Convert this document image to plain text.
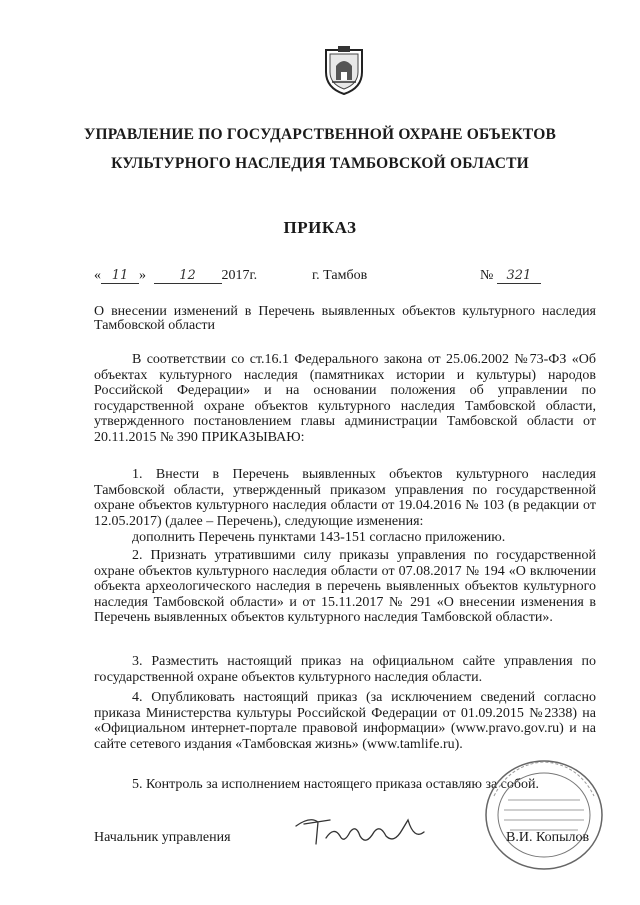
УПРАВЛЕНИЕ ПО ГОСУДАРСТВЕННОЙ ОХРАНЕ ОБЪЕКТОВ
КУЛЬТУРНОГО НАСЛЕДИЯ ТАМБОВСКОЙ ОБЛАСТИ
ПРИКАЗ
« 11 »	12 2017г.	г. Тамбов	№ 321
О внесении изменений в Перечень выявленных объектов культурного наследия Тамбовской области
В соответствии со ст.16.1 Федерального закона от 25.06.2002 №73-ФЗ «Об объектах культурного наследия (памятниках истории и культуры) народов Российской Федерации» и на основании положения об управлении по государственной охране объектов культурного наследия Тамбовской области, утвержденного постановлением главы администрации Тамбовской области от 20.11.2015 № 390 ПРИКАЗЫВАЮ:
1. Внести в Перечень выявленных объектов культурного наследия Тамбовской области, утвержденный приказом управления по государственной охране объектов культурного наследия области от 19.04.2016 № 103 (в редакции от 12.05.2017) (далее – Перечень), следующие изменения:
дополнить Перечень пунктами 143-151 согласно приложению.
2. Признать утратившими силу приказы управления по государственной охране объектов культурного наследия области от 07.08.2017 № 194 «О включении объекта археологического наследия в перечень выявленных объектов культурного наследия Тамбовской области» и от 15.11.2017 № 291 «О внесении изменения в Перечень выявленных объектов культурного наследия Тамбовской области».
3. Разместить настоящий приказ на официальном сайте управления по государственной охране объектов культурного наследия области.
4. Опубликовать настоящий приказ (за исключением сведений согласно приказа Министерства культуры Российской Федерации от 01.09.2015 №2338) на «Официальном интернет-портале правовой информации» (www.pravo.gov.ru) и на сайте сетевого издания «Тамбовская жизнь» (www.tamlife.ru).
5. Контроль за исполнением настоящего приказа оставляю за собой.
Начальник управления	В.И. Копылов
